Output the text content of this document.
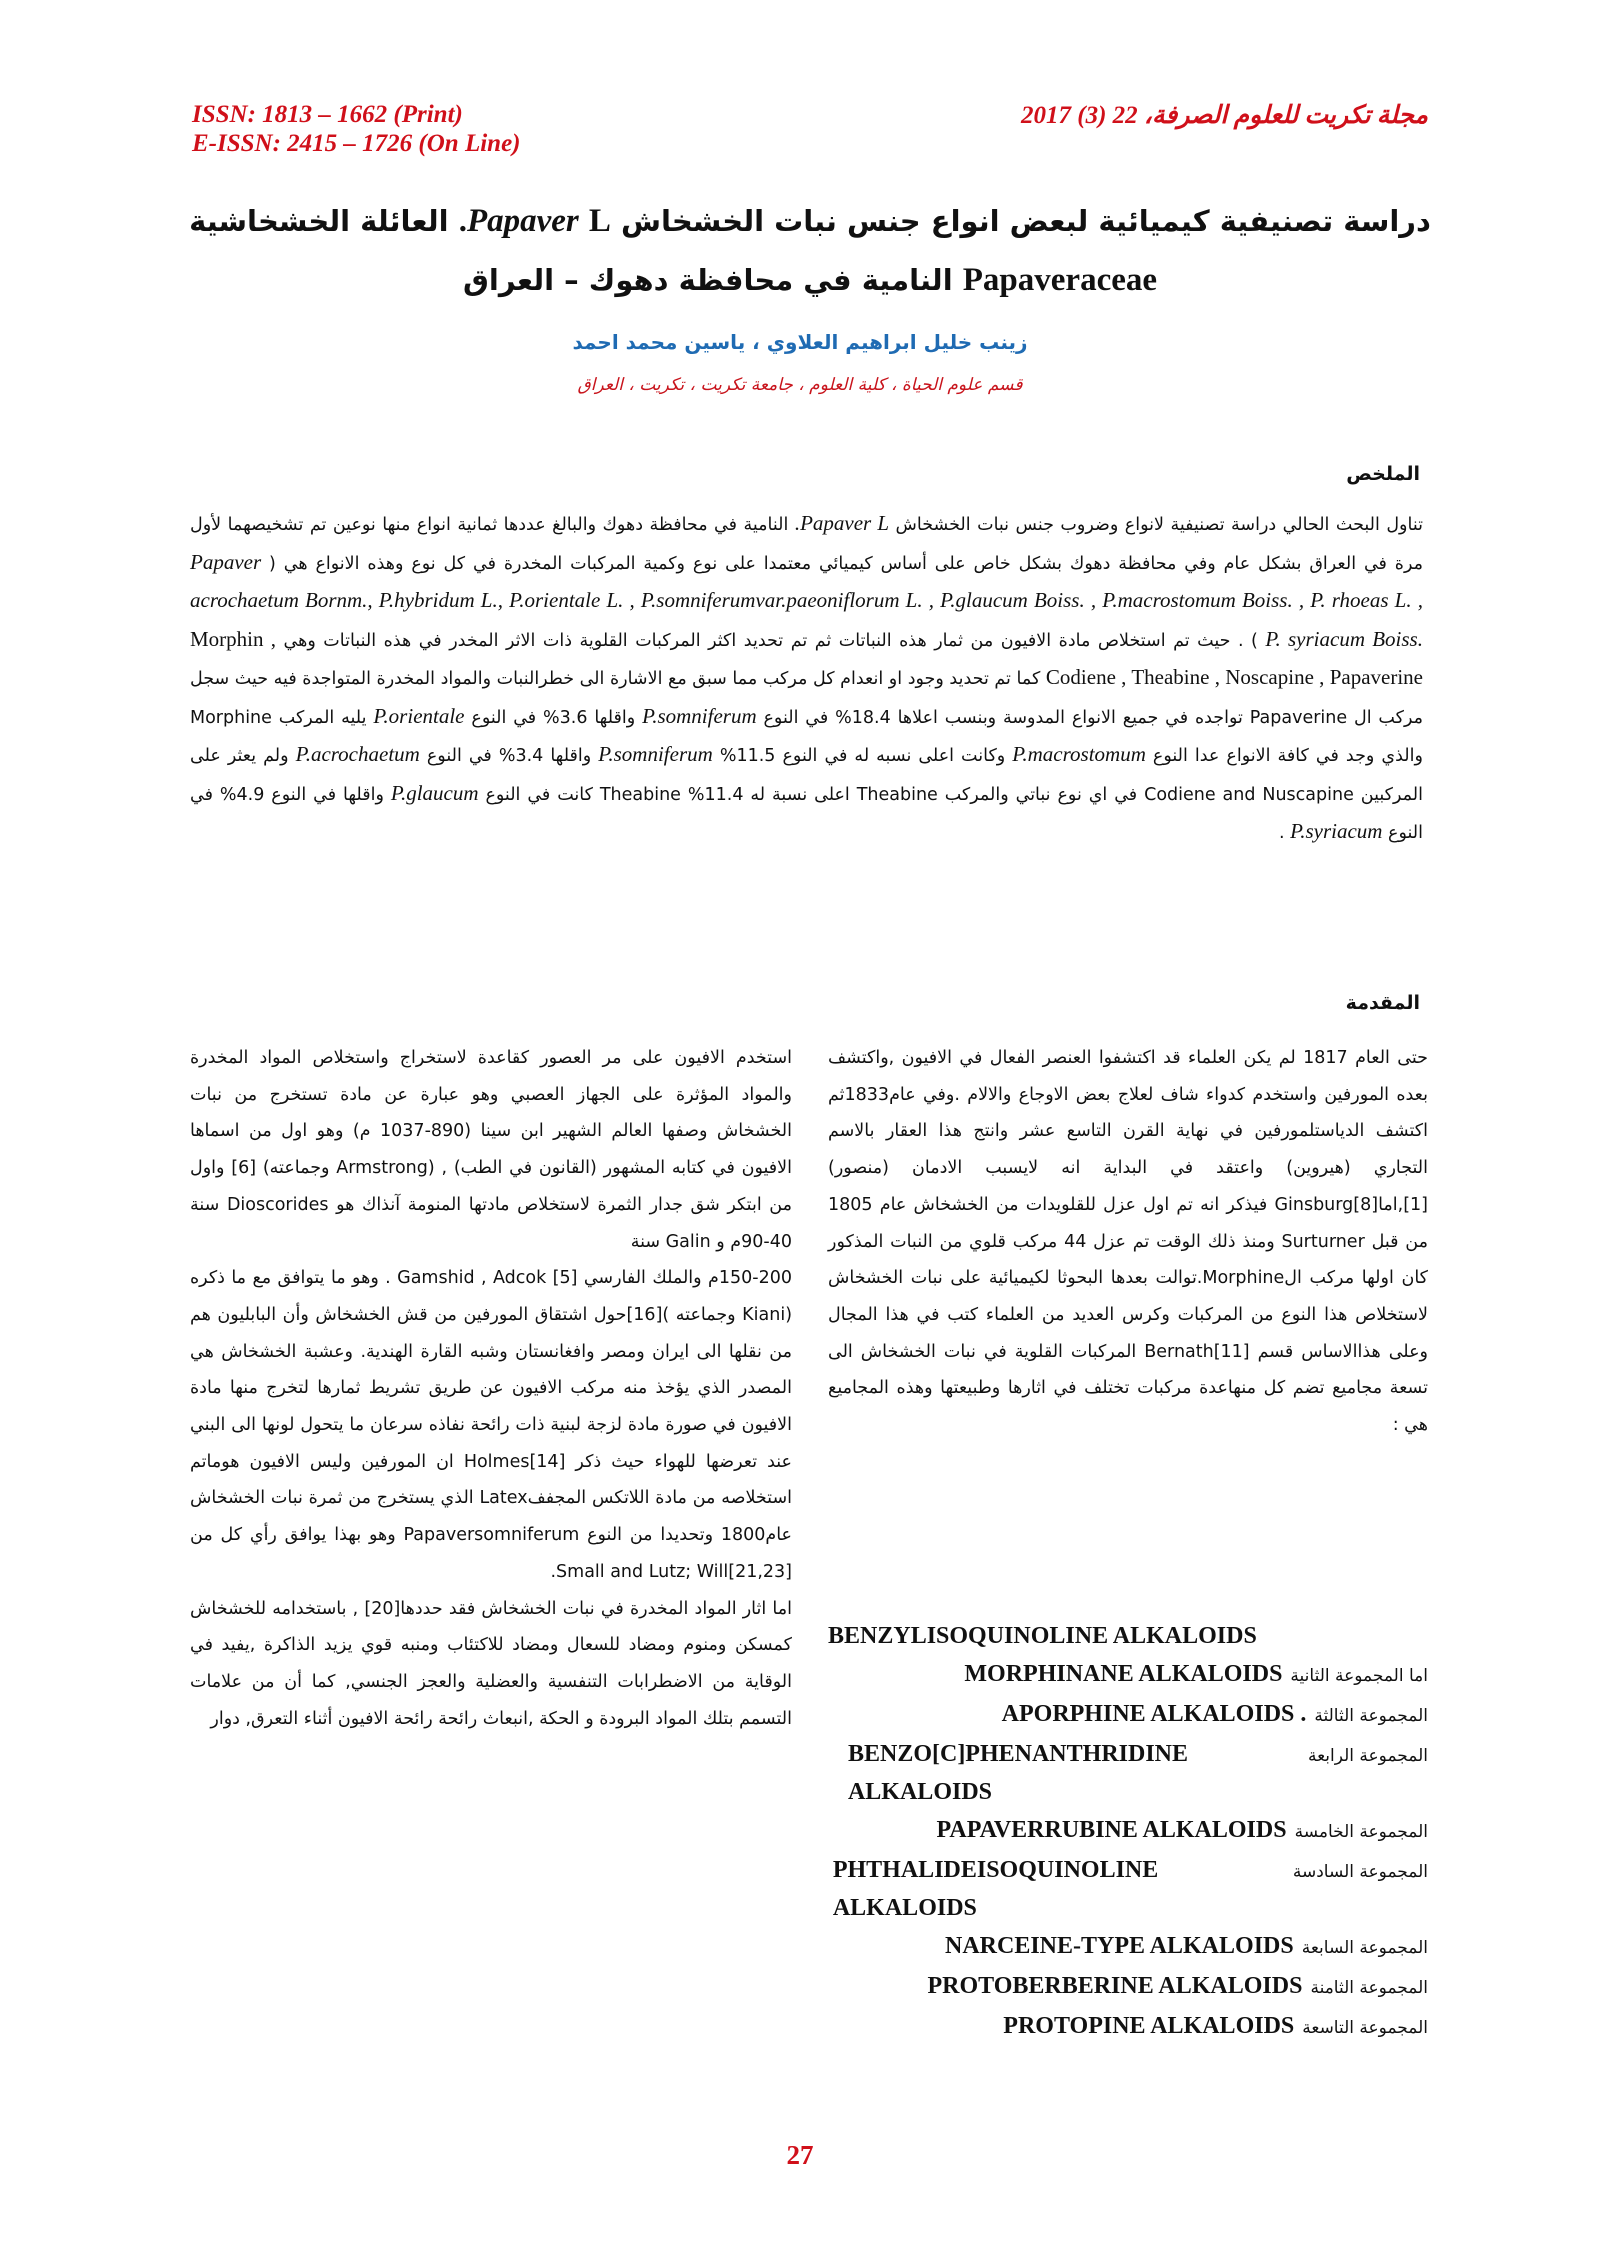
ISSN: 1813 – 1662 (Print)
E-ISSN: 2415 – 1726 (On Line)
مجلة تكريت للعلوم الصرفة، 22 (3) 2017
دراسة تصنيفية كيميائية لبعض انواع جنس نبات الخشخاش Papaver L. العائلة الخشخاشية
Papaveraceae النامية في محافظة دهوك – العراق
زينب خليل ابراهيم العلاوي ، ياسين محمد احمد
قسم علوم الحياة ، كلية العلوم ، جامعة تكريت ، تكريت ، العراق
الملخص
تناول البحث الحالي دراسة تصنيفية لانواع وضروب جنس نبات الخشخاش Papaver L. النامية في محافظة دهوك والبالغ عددها ثمانية انواع منها نوعين تم تشخيصهما لأول مرة في العراق بشكل عام وفي محافظة دهوك بشكل خاص على أساس كيميائي معتمدا على نوع وكمية المركبات المخدرة في كل نوع وهذه الانواع هي ( Papaver acrochaetum Bornm., P.hybridum L., P.orientale L. , P.somniferumvar.paeoniflorum L. , P.glaucum Boiss. , P.macrostomum Boiss. , P. rhoeas L. , P. syriacum Boiss. ) . حيث تم استخلاص مادة الافيون من ثمار هذه النباتات ثم تم تحديد اكثر المركبات القلوية ذات الاثر المخدر في هذه النباتات وهي Morphin , Codiene , Theabine , Noscapine , Papaverine كما تم تحديد وجود او انعدام كل مركب مما سبق مع الاشارة الى خطرالنبات والمواد المخدرة المتواجدة فيه حيث سجل مركب ال Papaverine تواجده في جميع الانواع المدوسة وبنسب اعلاها 18.4% في النوع P.somniferum واقلها 3.6% في النوع P.orientale يليه المركب Morphine والذي وجد في كافة الانواع عدا النوع P.macrostomum وكانت اعلى نسبه له في النوع 11.5% P.somniferum واقلها 3.4% في النوع P.acrochaetum ولم يعثر على المركبين Codiene and Nuscapine في اي نوع نباتي والمركب Theabine اعلى نسبة له 11.4% Theabine كانت في النوع P.glaucum واقلها في النوع 4.9% في النوع P.syriacum .
المقدمة

حتى العام 1817 لم يكن العلماء قد اكتشفوا العنصر الفعال في الافيون ,واكتشف بعده المورفين واستخدم كدواء شاف لعلاج بعض الاوجاع والالام .وفي عام1833ثم اكتشف الدياستلمورفين في نهاية القرن التاسع عشر وانتج هذا العقار بالاسم التجاري (هيروين) واعتقد في البداية انه لايسبب الادمان (منصور)[1],اماGinsburg[8] فيذكر انه تم اول عزل للقلويدات من الخشخاش عام 1805 من قبل Surturner ومنذ ذلك الوقت تم عزل 44 مركب قلوي من النبات المذكور كان اولها مركب الMorphine.توالت بعدها البحوثا لكيميائية على نبات الخشخاش لاستخلاص هذا النوع من المركبات وكرس العديد من العلماء كتب في هذا المجال وعلى هذاالاساس قسم Bernath[11] المركبات القلوية في نبات الخشخاش الى تسعة مجاميع تضم كل منهاعدة مركبات تختلف في اثارها وطبيعتها وهذه المجاميع هي :

BENZYLISOQUINOLINE ALKALOIDS
اما المجموعة الثانية
MORPHINANE ALKALOIDS
المجموعة الثالثة
APORPHINE ALKALOIDS .
المجموعة الرابعة
BENZO[C]PHENANTHRIDINE ALKALOIDS
المجموعة الخامسة
PAPAVERRUBINE ALKALOIDS
المجموعة السادسة
PHTHALIDEISOQUINOLINE ALKALOIDS
المجموعة السابعة
NARCEINE-TYPE ALKALOIDS
المجموعة الثامنة
PROTOBERBERINE ALKALOIDS
المجموعة التاسعة
PROTOPINE ALKALOIDS

استخدم الافيون على مر العصور كقاعدة لاستخراج واستخلاص المواد المخدرة والمواد المؤثرة على الجهاز العصبي وهو عبارة عن مادة تستخرج من نبات الخشخاش وصفها العالم الشهير ابن سينا (890-1037 م) وهو اول من اسماها الافيون في كتابه المشهور (القانون في الطب) , (Armstrong وجماعته) [6] واول من ابتكر شق جدار الثمرة لاستخلاص مادتها المنومة آنذاك هو Dioscorides سنة 40-90م و Galin سنة

150-200م والملك الفارسي Gamshid , Adcok [5] . وهو ما يتوافق مع ما ذكره (Kiani وجماعته )[16]حول اشتقاق المورفين من قش الخشخاش وأن البابليون هم من نقلها الى ايران ومصر وافغانستان وشبه القارة الهندية. وعشبة الخشخاش هي المصدر الذي يؤخذ منه مركب الافيون عن طريق تشريط ثمارها لتخرج منها مادة الافيون في صورة مادة لزجة لبنية ذات رائحة نفاذه سرعان ما يتحول لونها الى البني عند تعرضها للهواء حيث ذكر Holmes[14] ان المورفين وليس الافيون هوماتم استخلاصه من مادة اللاتكس المجففLatex الذي يستخرج من ثمرة نبات الخشخاش عام1800 وتحديدا من النوع Papaversomniferum وهو بهذا يوافق رأي كل من Small and Lutz; Will[21,23].

اما اثار المواد المخدرة في نبات الخشخاش فقد حددها[20] , باستخدامه للخشخاش كمسكن ومنوم ومضاد للسعال ومضاد للاكتئاب ومنبه قوي يزيد الذاكرة ,يفيد في الوقاية من الاضطرابات التنفسية والعضلية والعجز الجنسي, كما أن من علامات التسمم بتلك المواد البرودة و الحكة ,انبعاث رائحة رائحة الافيون أثناء التعرق, دوار

27
